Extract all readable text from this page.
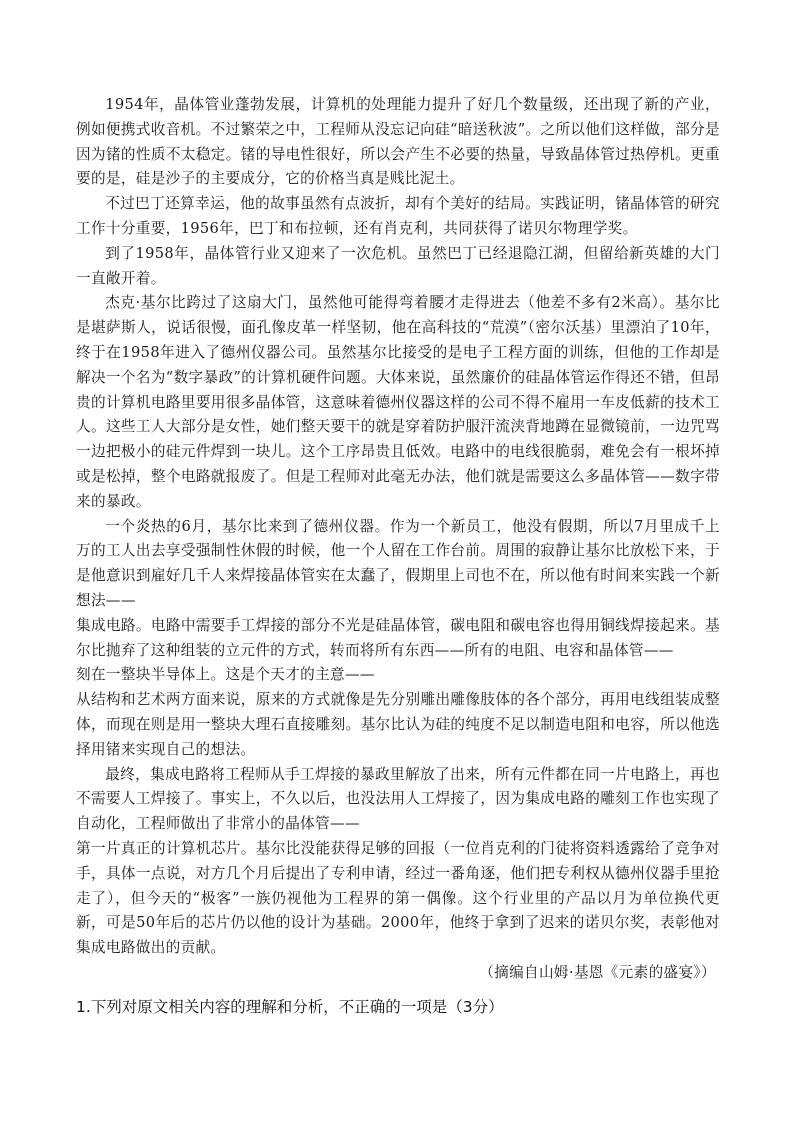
1954年，晶体管业蓬勃发展，计算机的处理能力提升了好几个数量级，还出现了新的产业，例如便携式收音机。不过繁荣之中，工程师从没忘记向硅“暗送秋波”。之所以他们这样做，部分是因为锗的性质不太稳定。锗的导电性很好，所以会产生不必要的热量，导致晶体管过热停机。更重要的是，硅是沙子的主要成分，它的价格当真是贱比泥土。

不过巴丁还算幸运，他的故事虽然有点波折，却有个美好的结局。实践证明，锗晶体管的研究工作十分重要，1956年，巴丁和布拉顿，还有肖克利，共同获得了诺贝尔物理学奖。

到了1958年，晶体管行业又迎来了一次危机。虽然巴丁已经退隐江湖，但留给新英雄的大门一直敞开着。

杰克·基尔比跨过了这扇大门，虽然他可能得弯着腰才走得进去（他差不多有2米高）。基尔比是堪萨斯人，说话很慢，面孔像皮革一样坚韧，他在高科技的“荒漠”（密尔沃基）里漂泊了10年，终于在1958年进入了德州仪器公司。虽然基尔比接受的是电子工程方面的训练，但他的工作却是解决一个名为“数字暴政”的计算机硬件问题。大体来说，虽然廉价的硅晶体管运作得还不错，但昂贵的计算机电路里要用很多晶体管，这意味着德州仪器这样的公司不得不雇用一车皮低薪的技术工人。这些工人大部分是女性，她们整天要干的就是穿着防护服汗流浃背地蹲在显微镜前，一边咒骂一边把极小的硅元件焊到一块儿。这个工序昂贵且低效。电路中的电线很脆弱，难免会有一根坏掉或是松掉，整个电路就报废了。但是工程师对此毫无办法，他们就是需要这么多晶体管——数字带来的暴政。

一个炎热的6月，基尔比来到了德州仪器。作为一个新员工，他没有假期，所以7月里成千上万的工人出去享受强制性休假的时候，他一个人留在工作台前。周围的寂静让基尔比放松下来，于是他意识到雇好几千人来焊接晶体管实在太蠢了，假期里上司也不在，所以他有时间来实践一个新想法——

集成电路。电路中需要手工焊接的部分不光是硅晶体管，碳电阻和碳电容也得用铜线焊接起来。基尔比抛弃了这种组装的立元件的方式，转而将所有东西——所有的电阻、电容和晶体管——

刻在一整块半导体上。这是个天才的主意——

从结构和艺术两方面来说，原来的方式就像是先分别雕出雕像肢体的各个部分，再用电线组装成整体，而现在则是用一整块大理石直接雕刻。基尔比认为硅的纯度不足以制造电阻和电容，所以他选择用锗来实现自己的想法。

最终，集成电路将工程师从手工焊接的暴政里解放了出来，所有元件都在同一片电路上，再也不需要人工焊接了。事实上，不久以后，也没法用人工焊接了，因为集成电路的雕刻工作也实现了自动化，工程师做出了非常小的晶体管——

第一片真正的计算机芯片。基尔比没能获得足够的回报（一位肖克利的门徒将资料透露给了竞争对手，具体一点说，对方几个月后提出了专利申请，经过一番角逐，他们把专利权从德州仪器手里抢走了），但今天的“极客”一族仍视他为工程界的第一偶像。这个行业里的产品以月为单位换代更新，可是50年后的芯片仍以他的设计为基础。2000年，他终于拿到了迟来的诺贝尔奖，表彰他对集成电路做出的贡献。

（摘编自山姆·基恩《元素的盛宴》）

1.下列对原文相关内容的理解和分析，不正确的一项是（3分）
